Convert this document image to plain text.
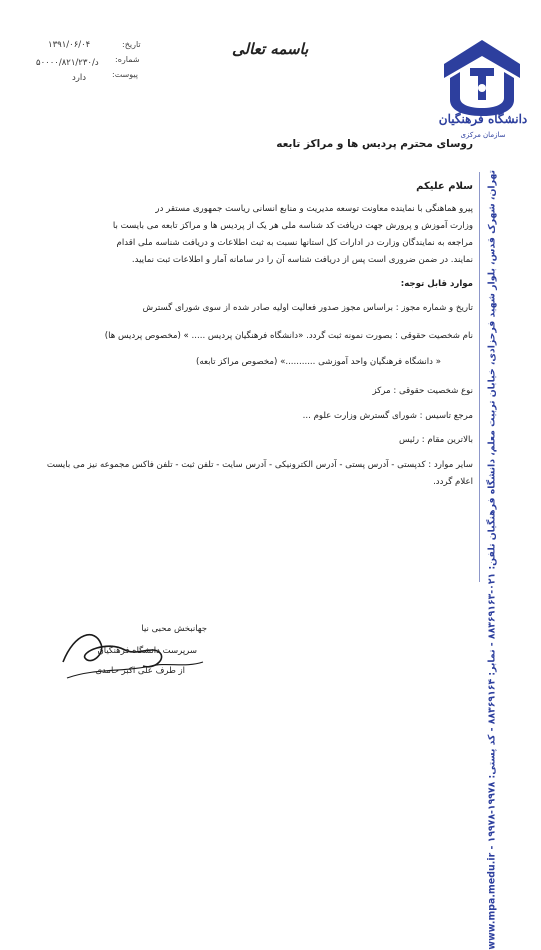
دانشگاه فرهنگیان
سازمان مرکزی
تهران، شهرک قدس، بلوار شهید فرحزادی، خیابان تربیت معلم، دانشگاه فرهنگیان تلفن: ۰۲۱-۸۸۳۶۹۱۶۳ - نمابر: ۸۸۳۶۹۱۶۴ - کد پستی: ۱۹۹۷۸-۱۹۹۷۸ - www.mpa.medu.ir
باسمه تعالی
تاریخ:
شماره:
پیوست:
۱۳۹۱/۰۶/۰۴
۵۰۰۰۰/۸۲۱/۲۳۰/د
دارد
روسای محترم پردیس ها و مراکز تابعه
سلام علیکم
پیرو هماهنگی با نماینده معاونت توسعه مدیریت و منابع انسانی ریاست جمهوری مستقر در
وزارت آموزش و پرورش جهت دریافت کد شناسه ملی هر یک از پردیس ها و مراکز تابعه می بایست با
مراجعه به نمایندگان وزارت در ادارات کل استانها نسبت به ثبت اطلاعات و دریافت شناسه ملی اقدام
نمایند. در ضمن ضروری است پس از دریافت شناسه آن را در سامانه آمار و اطلاعات ثبت نمایید.
موارد قابل توجه:
تاریخ و شماره مجوز : براساس مجوز صدور فعالیت اولیه صادر شده از سوی شورای گسترش
نام شخصیت حقوقی : بصورت نمونه ثبت گردد. «دانشگاه فرهنگیان پردیس ..... » (مخصوص پردیس ها)
« دانشگاه فرهنگیان واحد آموزشی ...........» (مخصوص مراکز تابعه)
نوع شخصیت حقوقی : مرکز
مرجع تاسیس : شورای گسترش وزارت علوم ...
بالاترین مقام : رئیس
سایر موارد : کدپستی - آدرس پستی - آدرس الکترونیکی - آدرس سایت - تلفن ثبت - تلفن فاکس مجموعه نیز می بایست
اعلام گردد.
جهانبخش محبی نیا
سرپرست دانشگاه فرهنگیان
از طرف علی اکبر حامدی
